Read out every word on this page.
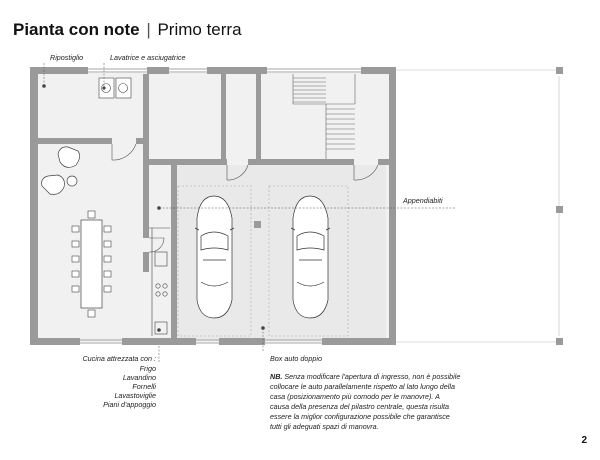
Pianta con note | Primo terra
Ripostiglio	Lavatrice e asciugatrice
Appendiabiti
Cucina attrezzata con :
Frigo
Lavandino
Fornelli
Lavastoviglie
Piani d'appoggio
Box auto doppio
NB. Senza modificare l'apertura di ingresso, non è possibile
collocare le auto parallelamente rispetto al lato lungo della
casa (posizionamento più comodo per le manovre). A
causa della presenza del pilastro centrale, questa risulta
essere la miglior configurazione possibile che garantisce
tutti gli adeguati spazi di manovra.
2
